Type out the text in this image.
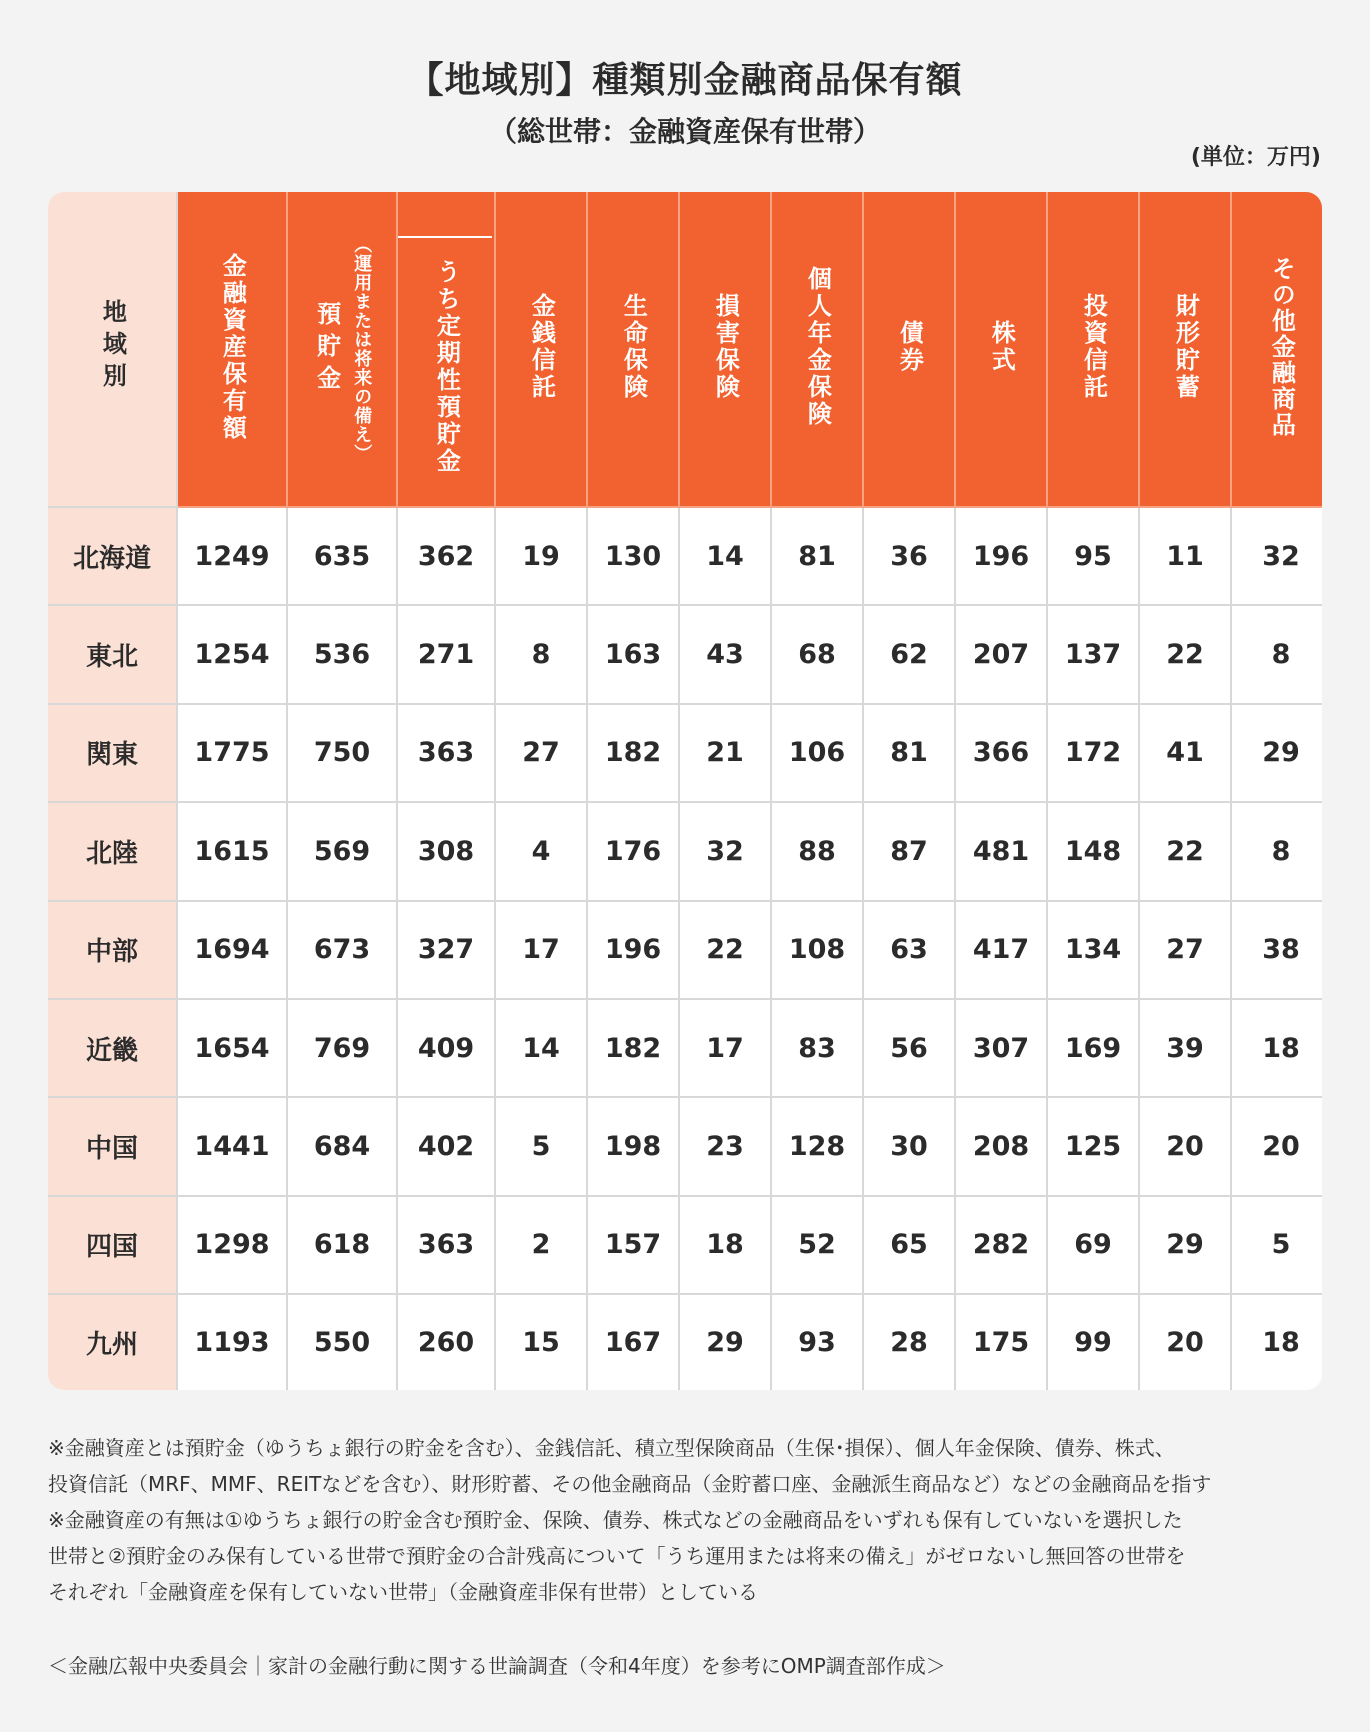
【地域別】種類別金融商品保有額
（総世帯：金融資産保有世帯）
(単位：万円)
地域別	金融資産保有額	預貯金 （運用または将来の備え）	うち定期性預貯金	金銭信託	生命保険	損害保険	個人年金保険	債券	株式	投資信託	財形貯蓄	その他金融商品
北海道	1249	635	362	19	130	14	81	36	196	95	11	32
東北	1254	536	271	8	163	43	68	62	207	137	22	8
関東	1775	750	363	27	182	21	106	81	366	172	41	29
北陸	1615	569	308	4	176	32	88	87	481	148	22	8
中部	1694	673	327	17	196	22	108	63	417	134	27	38
近畿	1654	769	409	14	182	17	83	56	307	169	39	18
中国	1441	684	402	5	198	23	128	30	208	125	20	20
四国	1298	618	363	2	157	18	52	65	282	69	29	5
九州	1193	550	260	15	167	29	93	28	175	99	20	18

※金融資産とは預貯金（ゆうちょ銀行の貯金を含む）、金銭信託、積立型保険商品（生保･損保）、個人年金保険、債券、株式、

投資信託（MRF、MMF、REITなどを含む）、財形貯蓄、その他金融商品（金貯蓄口座、金融派生商品など）などの金融商品を指す

※金融資産の有無は①ゆうちょ銀行の貯金含む預貯金、保険、債券、株式などの金融商品をいずれも保有していないを選択した

世帯と②預貯金のみ保有している世帯で預貯金の合計残高について「うち運用または将来の備え」がゼロないし無回答の世帯を

それぞれ「金融資産を保有していない世帯」（金融資産非保有世帯）としている

＜金融広報中央委員会｜家計の金融行動に関する世論調査（令和4年度）を参考にOMP調査部作成＞
